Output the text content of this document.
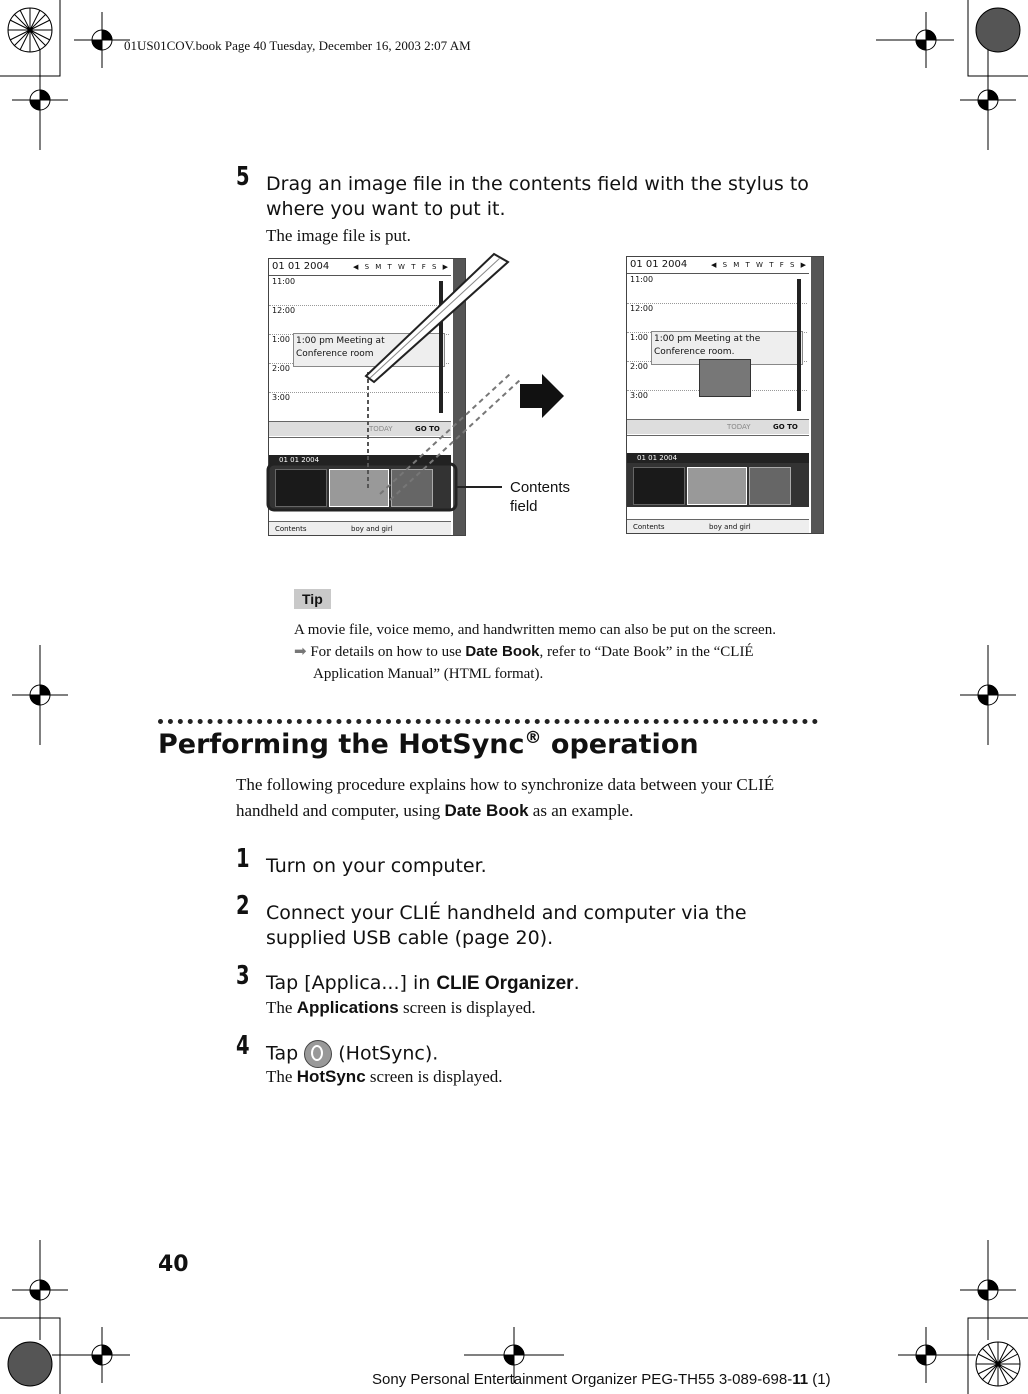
01US01COV.book Page 40 Tuesday, December 16, 2003 2:07 AM
5 Drag an image file in the contents field with the stylus to
where you want to put it.
The image file is put.
01 01 2004	◀ S M T W T F S ▶
11:00
12:00
1:00
2:00
3:00
1:00 pm Meeting at
Conference room
TODAY	GO TO
01 01 2004
Contents	boy and girl
Contents
field
01 01 2004	◀ S M T W T F S ▶
11:00
12:00
1:00
2:00
3:00
1:00 pm Meeting at the
Conference room.
TODAY	GO TO
01 01 2004
Contents	boy and girl
Tip
A movie file, voice memo, and handwritten memo can also be put on the screen.
➡ For details on how to use Date Book, refer to “Date Book” in the “CLIÉ
Application Manual” (HTML format).
Performing the HotSync® operation
The following procedure explains how to synchronize data between your CLIÉ
handheld and computer, using Date Book as an example.
1 Turn on your computer.
2 Connect your CLIÉ handheld and computer via the
supplied USB cable (page 20).
3 Tap [Applica...] in CLIE Organizer.
The Applications screen is displayed.
4 Tap
(HotSync).
The HotSync screen is displayed.
40
Sony Personal Entertainment Organizer PEG-TH55 3-089-698-11 (1)
